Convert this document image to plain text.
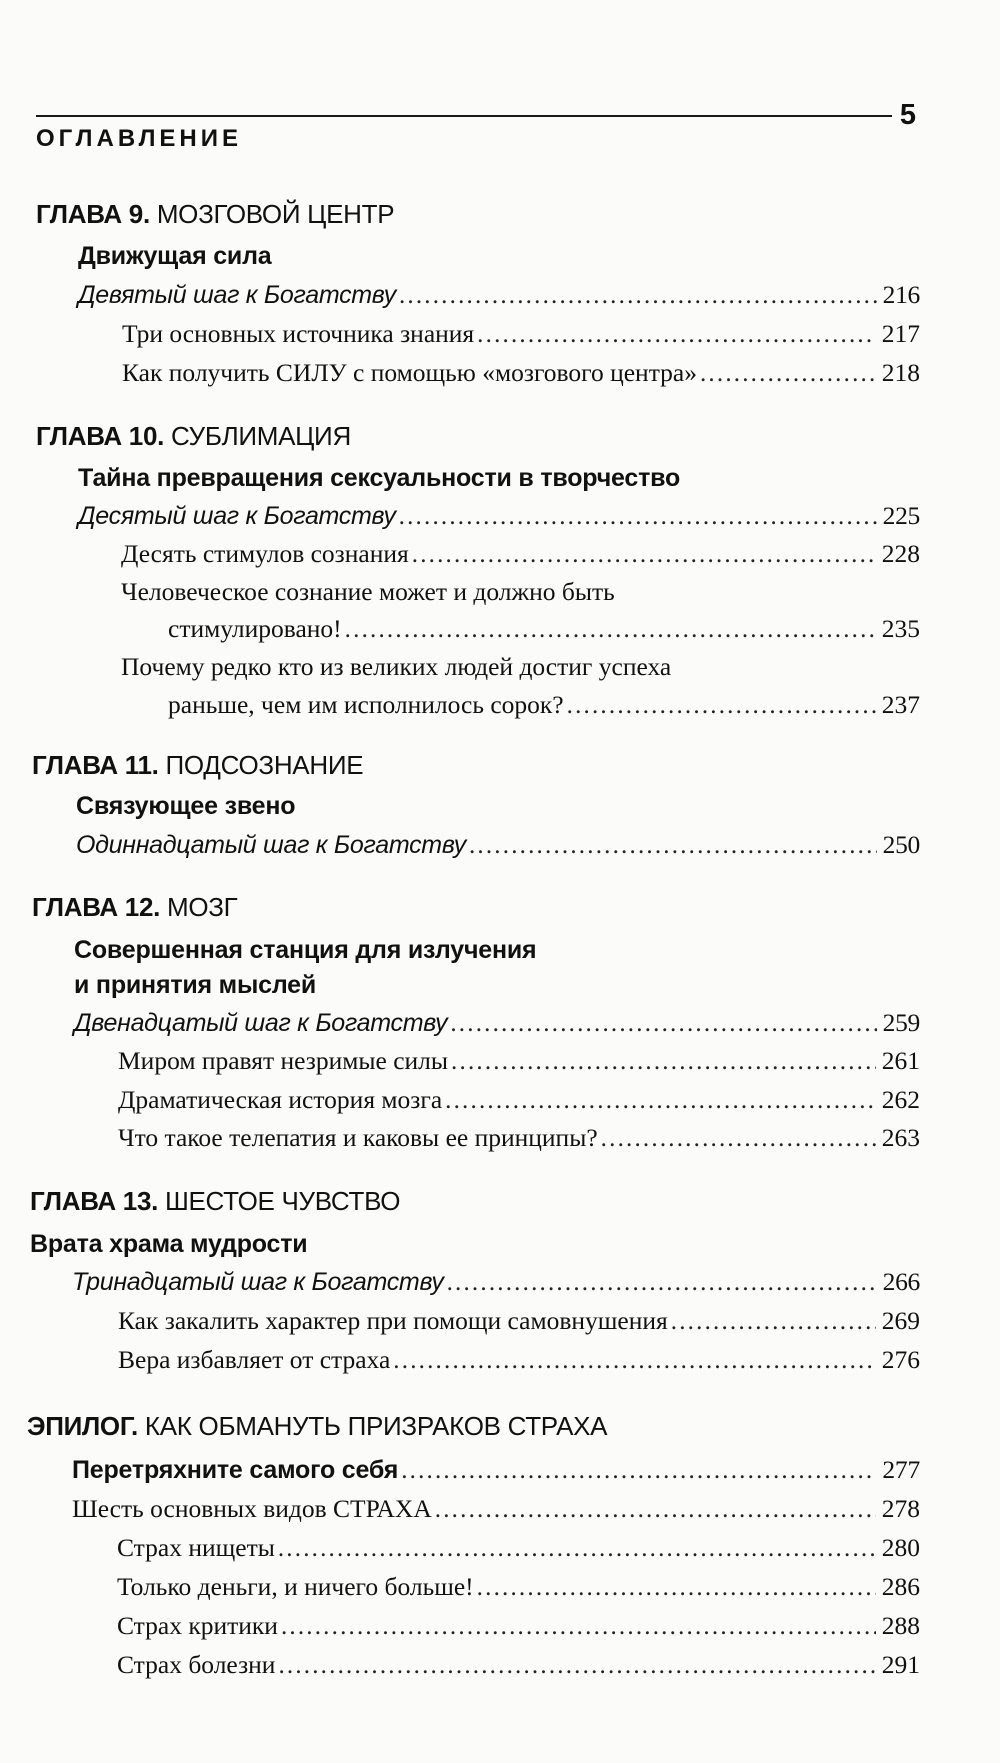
5
ОГЛАВЛЕНИЕ
ГЛАВА 9.
МОЗГОВОЙ ЦЕНТР
Движущая сила
Девятый шаг к Богатству .....	216
Три основных источника знания .....	217
Как получить СИЛУ с помощью «мозгового центра» .....	218
ГЛАВА 10.
СУБЛИМАЦИЯ
Тайна превращения сексуальности в творчество
Десятый шаг к Богатству .....	225
Десять стимулов сознания .....	228
Человеческое сознание может и должно быть
стимулировано! .....	235
Почему редко кто из великих людей достиг успеха
раньше, чем им исполнилось сорок? .....	237
ГЛАВА 11.
ПОДСОЗНАНИЕ
Связующее звено
Одиннадцатый шаг к Богатству .....	250
ГЛАВА 12.
МОЗГ
Совершенная станция для излучения
и принятия мыслей
Двенадцатый шаг к Богатству .....	259
Миром правят незримые силы .....	261
Драматическая история мозга .....	262
Что такое телепатия и каковы ее принципы? .....	263
ГЛАВА 13.
ШЕСТОЕ ЧУВСТВО
Врата храма мудрости
Тринадцатый шаг к Богатству .....	266
Как закалить характер при помощи самовнушения .....	269
Вера избавляет от страха .....	276
ЭПИЛОГ.
КАК ОБМАНУТЬ ПРИЗРАКОВ СТРАХА
Перетряхните самого себя .....	277
Шесть основных видов СТРАХА .....	278
Страх нищеты .....	280
Только деньги, и ничего больше! .....	286
Страх критики .....	288
Страх болезни .....	291
